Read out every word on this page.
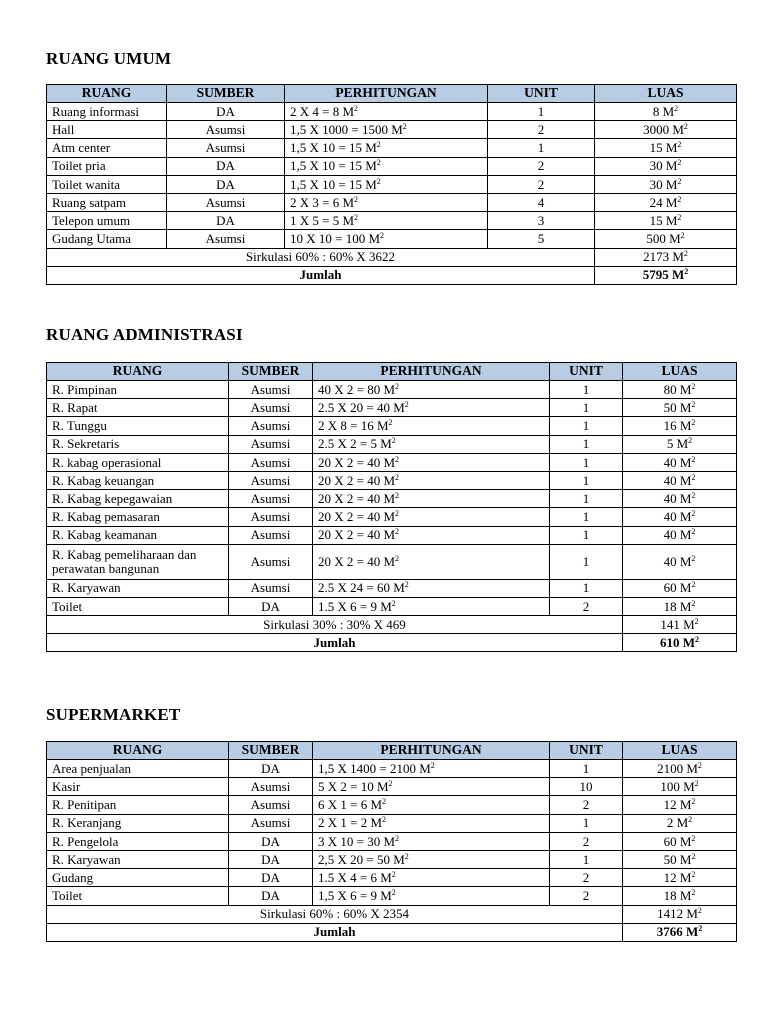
RUANG UMUM
RUANG	SUMBER	PERHITUNGAN	UNIT	LUAS
Ruang informasi	DA	2 X 4 = 8 $M^2$	1	8 $M^2$
Hall	Asumsi	1,5 X 1000 = 1500 $M^2$	2	3000 $M^2$
Atm center	Asumsi	1,5 X 10 = 15 $M^2$	1	15 $M^2$
Toilet pria	DA	1,5 X 10 = 15 $M^2$	2	30 $M^2$
Toilet wanita	DA	1,5 X 10 = 15 $M^2$	2	30 $M^2$
Ruang satpam	Asumsi	2 X 3 = 6 $M^2$	4	24 $M^2$
Telepon umum	DA	1 X 5 = 5 $M^2$	3	15 $M^2$
Gudang Utama	Asumsi	10 X 10 = 100 $M^2$	5	500 $M^2$
Sirkulasi 60% : 60% X 3622				2173 $M^2$
Jumlah				5795 $M^2$
RUANG ADMINISTRASI
RUANG	SUMBER	PERHITUNGAN	UNIT	LUAS
R. Pimpinan	Asumsi	40 X 2 = 80 $M^2$	1	80 $M^2$
R. Rapat	Asumsi	2.5 X 20 = 40 $M^2$	1	50 $M^2$
R. Tunggu	Asumsi	2 X 8 = 16 $M^2$	1	16 $M^2$
R. Sekretaris	Asumsi	2.5 X 2 = 5 $M^2$	1	5 $M^2$
R. kabag operasional	Asumsi	20 X 2 = 40 $M^2$	1	40 $M^2$
R. Kabag keuangan	Asumsi	20 X 2 = 40 $M^2$	1	40 $M^2$
R. Kabag kepegawaian	Asumsi	20 X 2 = 40 $M^2$	1	40 $M^2$
R. Kabag pemasaran	Asumsi	20 X 2 = 40 $M^2$	1	40 $M^2$
R. Kabag keamanan	Asumsi	20 X 2 = 40 $M^2$	1	40 $M^2$
R. Kabag pemeliharaan dan perawatan bangunan	Asumsi	20 X 2 = 40 $M^2$	1	40 $M^2$
R. Karyawan	Asumsi	2.5 X 24 = 60 $M^2$	1	60 $M^2$
Toilet	DA	1.5 X 6 = 9 $M^2$	2	18 $M^2$
Sirkulasi 30% : 30% X 469				141 $M^2$
Jumlah				610 $M^2$
SUPERMARKET
RUANG	SUMBER	PERHITUNGAN	UNIT	LUAS
Area penjualan	DA	1,5 X 1400 = 2100 $M^2$	1	2100 $M^2$
Kasir	Asumsi	5 X 2 = 10 $M^2$	10	100 $M^2$
R. Penitipan	Asumsi	6 X 1 = 6 $M^2$	2	12 $M^2$
R. Keranjang	Asumsi	2 X 1 = 2 $M^2$	1	2 $M^2$
R. Pengelola	DA	3 X 10 = 30 $M^2$	2	60 $M^2$
R. Karyawan	DA	2,5 X 20 = 50 $M^2$	1	50 $M^2$
Gudang	DA	1.5 X 4 = 6 $M^2$	2	12 $M^2$
Toilet	DA	1,5 X 6 = 9 $M^2$	2	18 $M^2$
Sirkulasi 60% : 60% X 2354				1412 $M^2$
Jumlah				3766 $M^2$
